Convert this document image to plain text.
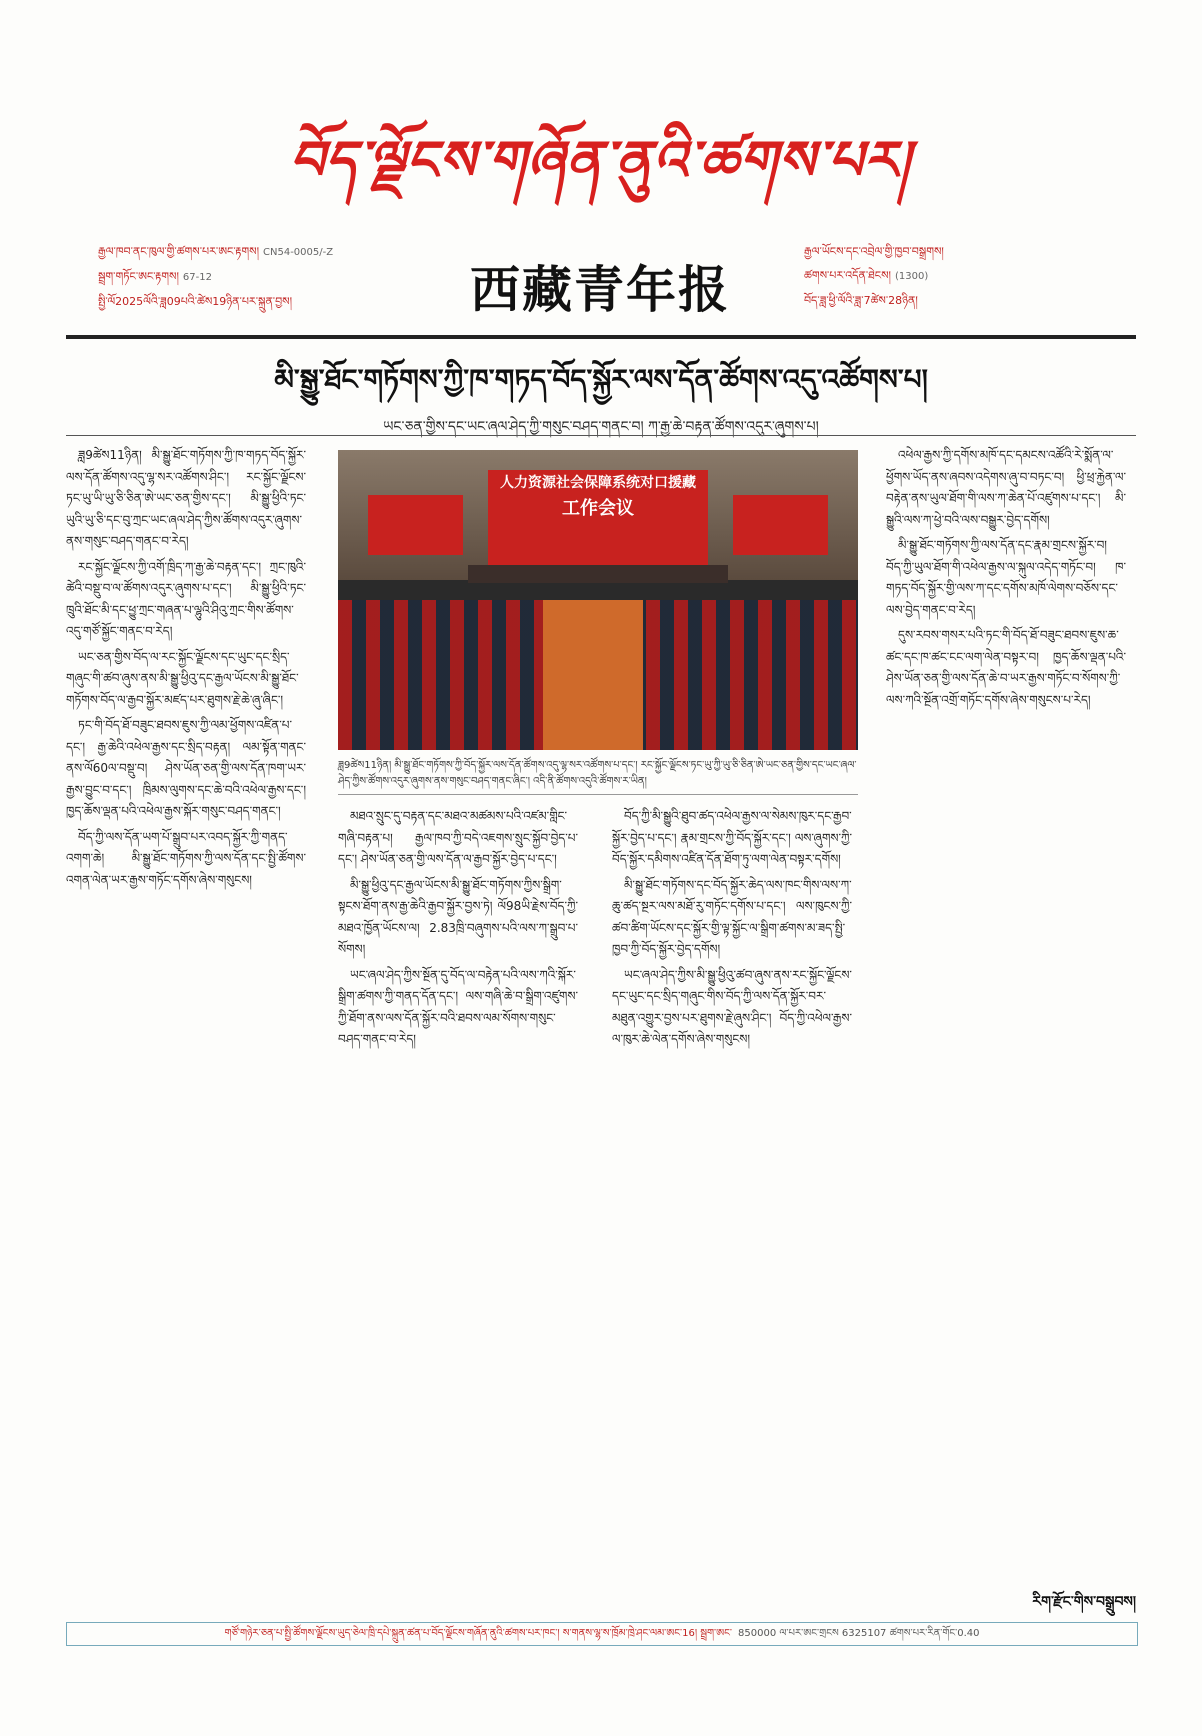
བོད་ལྗོངས་གཞོན་ནུའི་ཚགས་པར།
རྒྱལ་ཁབ་ནང་ཁུལ་གྱི་ཚགས་པར་ཨང་རྟགས། CN54-0005/-Z
སྦྲག་གཏོང་ཨང་རྟགས། 67-12
སྤྱི་ལོ2025ལོའི་ཟླ09པའི་ཚེས19ཉིན་པར་སྐྲུན་བྱས།	西藏青年报
རྒྱལ་ཡོངས་དང་འབྲེལ་གྱི་ཁྱབ་བསྒྲགས།
ཚགས་པར་འདོན་ཐེངས། (1300)
བོད་ཟླ་ཕྱི་ལོའི་ཟླ་7ཚེས་28ཉིན།
མི་སྒྱུ་ཐོང་གཏོགས་ཀྱི་ཁ་གཏད་བོད་སྐྱོར་ལས་དོན་ཚོགས་འདུ་འཚོགས་པ།
ཡང་ཅན་གྱིས་དང་ཡང་ཞལ་ཤེད་ཀྱི་གསུང་བཤད་གནང་བ། ཀ་རྒྱ་ཆེ་བརྟན་ཚོགས་འདུར་ཞུགས་པ།

ཟླ9ཚེས11ཉིན། མི་སྒྱུ་ཐོང་གཏོགས་ཀྱི་ཁ་གཏད་བོད་སྐྱོར་ལས་དོན་ཚོགས་འདུ་ལྷ་སར་འཚོགས་ཤིང་། རང་སྐྱོང་ལྗོངས་ཏང་ཡུ་ཡི་ཡུ་ཅི་ཅིན་ཨེ་ཡང་ཅན་གྱིས་དང་། མི་སྒྱུ་ཕྱིའི་ཏང་ཡུའི་ཡུ་ཅི་དང་བུ་ཀྲང་ཡང་ཞལ་ཤེད་ཀྱིས་ཚོགས་འདུར་ཞུགས་ནས་གསུང་བཤད་གནང་བ་རེད།

རང་སྐྱོང་ལྗོངས་ཀྱི་འགོ་ཁྲིད་ཀ་རྒྱ་ཆེ་བརྟན་དང་། ཀྲང་ཁུའི་ཚེའི་བསྡུ་བ་ལ་ཚོགས་འདུར་ཞུགས་པ་དང་། མི་སྒྱུ་ཕྱིའི་ཏང་ཁྲུའི་ཐོང་མི་དང་ཕྱུ་ཀྲང་གཞན་པ་ལྷུའི་ཤིའུ་ཀྲང་གིས་ཚོགས་འདུ་གཙོ་སྐྱོང་གནང་བ་རེད།

ཡང་ཅན་གྱིས་བོད་ལ་རང་སྐྱོང་ལྗོངས་དང་ཡུང་དང་སྲིད་གཞུང་གི་ཚབ་ཞུས་ནས་མི་སྒྱུ་ཕྱིའུ་དང་རྒྱལ་ཡོངས་མི་སྒྱུ་ཐོང་གཏོགས་བོད་ལ་རྒྱབ་སྐྱོར་མཛད་པར་ཐུགས་རྗེ་ཆེ་ཞུ་ཞིང་།

ཏང་གི་བོད་ཐོ་བཟུང་ཐབས་ཇུས་ཀྱི་ལམ་ཕྱོགས་འཛིན་པ་དང་། རྒྱ་ཆེའི་འཕེལ་རྒྱས་དང་སྲིད་བརྟན། ལམ་སྟོན་གནང་ནས་ལོ60ལ་བསྡུ་བ། ཤེས་ཡོན་ཅན་གྱི་ལས་དོན་ཁག་ཡར་རྒྱས་བྱུང་བ་དང་། ཁྲིམས་ལུགས་དང་ཆེ་བའི་འཕེལ་རྒྱས་དང་། ཁྱད་ཆོས་ལྡན་པའི་འཕེལ་རྒྱས་སྐོར་གསུང་བཤད་གནང་།

བོད་ཀྱི་ལས་དོན་ཡག་པོ་སྒྲུབ་པར་འབད་སྐྱོར་ཀྱི་གནད་འགག་ཆེ། མི་སྒྱུ་ཐོང་གཏོགས་ཀྱི་ལས་དོན་དང་སྤྱི་ཚོགས་འགན་ལེན་ཡར་རྒྱས་གཏོང་དགོས་ཞེས་གསུངས།

人力资源社会保障系统对口援藏
工作会议
ཟླ9ཚེས11ཉིན། མི་སྒྱུ་ཐོང་གཏོགས་ཀྱི་བོད་སྐྱོར་ལས་དོན་ཚོགས་འདུ་ལྷ་སར་འཚོགས་པ་དང་། རང་སྐྱོང་ལྗོངས་ཏང་ཡུ་ཀྱི་ཡུ་ཅི་ཅིན་ཨེ་ཡང་ཅན་གྱིས་དང་ཡང་ཞལ་ཤེད་ཀྱིས་ཚོགས་འདུར་ཞུགས་ནས་གསུང་བཤད་གནང་ཞིང་། འདི་ནི་ཚོགས་འདུའི་ཚོགས་ར་ཡིན།

མཐའ་སྲུང་དུ་བརྟན་དང་མཐའ་མཚམས་པའི་འཛམ་གླིང་གཞི་བརྟན་པ། རྒྱལ་ཁབ་ཀྱི་བདེ་འཇགས་སྲུང་སྐྱོབ་བྱེད་པ་དང་། ཤེས་ཡོན་ཅན་གྱི་ལས་དོན་ལ་རྒྱབ་སྐྱོར་བྱེད་པ་དང་།

མི་སྒྱུ་ཕྱིའུ་དང་རྒྱལ་ཡོངས་མི་སྒྱུ་ཐོང་གཏོགས་ཀྱིས་སྒྲིག་སྟངས་ཐོག་ནས་རྒྱ་ཆེའི་རྒྱབ་སྐྱོར་བྱས་ཏེ། ལོ98ཡི་རྗེས་བོད་ཀྱི་མཐའ་ཁྱོན་ཡོངས་ལ། 2.83ཁྲི་བཞུགས་པའི་ལས་ཀ་སྒྲུབ་པ་སོགས།

ཡང་ཞལ་ཤེད་ཀྱིས་སྔོན་དུ་བོད་ལ་བརྟེན་པའི་ལས་ཀའི་སྐོར་སྒྲིག་ཚགས་ཀྱི་གནད་དོན་དང་། ལས་གཞི་ཆེ་བ་སྒྲིག་འཛུགས་ཀྱི་ཐོག་ནས་ལས་དོན་སྐྱོར་བའི་ཐབས་ལམ་སོགས་གསུང་བཤད་གནང་བ་རེད།

བོད་ཀྱི་མི་སྒྱུའི་ཐུབ་ཚད་འཕེལ་རྒྱས་ལ་སེམས་ཁུར་དང་རྒྱབ་སྐྱོར་བྱེད་པ་དང་། རྣམ་གྲངས་ཀྱི་བོད་སྐྱོར་དང་། ལས་ཞུགས་ཀྱི་བོད་སྐྱོར་དམིགས་འཛིན་དོན་ཐོག་ཏུ་ལག་ལེན་བསྟར་དགོས།

མི་སྒྱུ་ཐོང་གཏོགས་དང་བོད་སྐྱོར་ཆེད་ལས་ཁང་གིས་ལས་ཀ་ཆུ་ཚད་སྔར་ལས་མཐོ་རུ་གཏོང་དགོས་པ་དང་། ལས་ཁུངས་ཀྱི་ཚབ་ཚིག་ཡོངས་དང་སྐྱོར་གྱི་ལྟ་སྐྱོང་ལ་སྒྲིག་ཚགས་མ་ཟད་སྤྱི་ཁྱབ་ཀྱི་བོད་སྐྱོར་བྱེད་དགོས།

ཡང་ཞལ་ཤེད་ཀྱིས་མི་སྒྱུ་ཕྱིའུ་ཚབ་ཞུས་ནས་རང་སྐྱོང་ལྗོངས་དང་ཡུང་དང་སྲིད་གཞུང་གིས་བོད་ཀྱི་ལས་དོན་སྐྱོར་བར་མཐུན་འགྱུར་བྱས་པར་ཐུགས་རྗེ་ཞུས་ཤིང་། བོད་ཀྱི་འཕེལ་རྒྱས་ལ་ཁུར་ཆེ་ལེན་དགོས་ཞེས་གསུངས།

འཕེལ་རྒྱས་ཀྱི་དགོས་མཁོ་དང་དམངས་འཚོའི་རེ་སྨོན་ལ་ཕྱོགས་ཡོད་ནས་ཞབས་འདེགས་ཞུ་བ་བཏང་བ། ཕྱི་ཕྲ་རྐྱེན་ལ་བརྟེན་ནས་ཡུལ་ཐོག་གི་ལས་ཀ་ཆེན་པོ་འཛུགས་པ་དང་། མི་སྒྱུའི་ལས་ཀ་ཕྱེ་བའི་ལས་བསྒྱུར་བྱེད་དགོས།

མི་སྒྱུ་ཐོང་གཏོགས་ཀྱི་ལས་དོན་དང་རྣམ་གྲངས་སྐྱོར་བ། བོད་ཀྱི་ཡུལ་ཐོག་གི་འཕེལ་རྒྱས་ལ་སྐུལ་འདེད་གཏོང་བ། ཁ་གཏད་བོད་སྐྱོར་གྱི་ལས་ཀ་དང་དགོས་མཁོ་ལེགས་བཅོས་དང་ལས་བྱེད་གནང་བ་རེད།

དུས་རབས་གསར་པའི་ཏང་གི་བོད་ཐོ་བཟུང་ཐབས་ཇུས་ཆ་ཚང་དང་ཁ་ཚང་ངང་ལག་ལེན་བསྟར་བ། ཁྱད་ཆོས་ལྡན་པའི་ཤེས་ཡོན་ཅན་གྱི་ལས་དོན་ཆེ་བ་ཡར་རྒྱས་གཏོང་བ་སོགས་ཀྱི་ལས་ཀའི་སྔོན་འགྲོ་གཏོང་དགོས་ཞེས་གསུངས་པ་རེད།

རིག་རྫོང་གིས་བསྒྲུབས།
གཙོ་གཉེར་ཅན་པ་སྤྱི་ཚོགས་ལྗོངས་ཡུད་ཅེལ་ཁྲི་དཔེ་སྐྲུན་ཚན་པ་བོད་ལྗོངས་གཞོན་ནུའི་ཚགས་པར་ཁང་། ས་གནས་ལྷ་ས་ཁྲོམ་ཁྲེ་ཤང་ལམ་ཨང་16། སྦྲག་ཨང་ 850000 ལ་པར་ཨང་གྲངས 6325107 ཚགས་པར་རིན་གོང་0.40
